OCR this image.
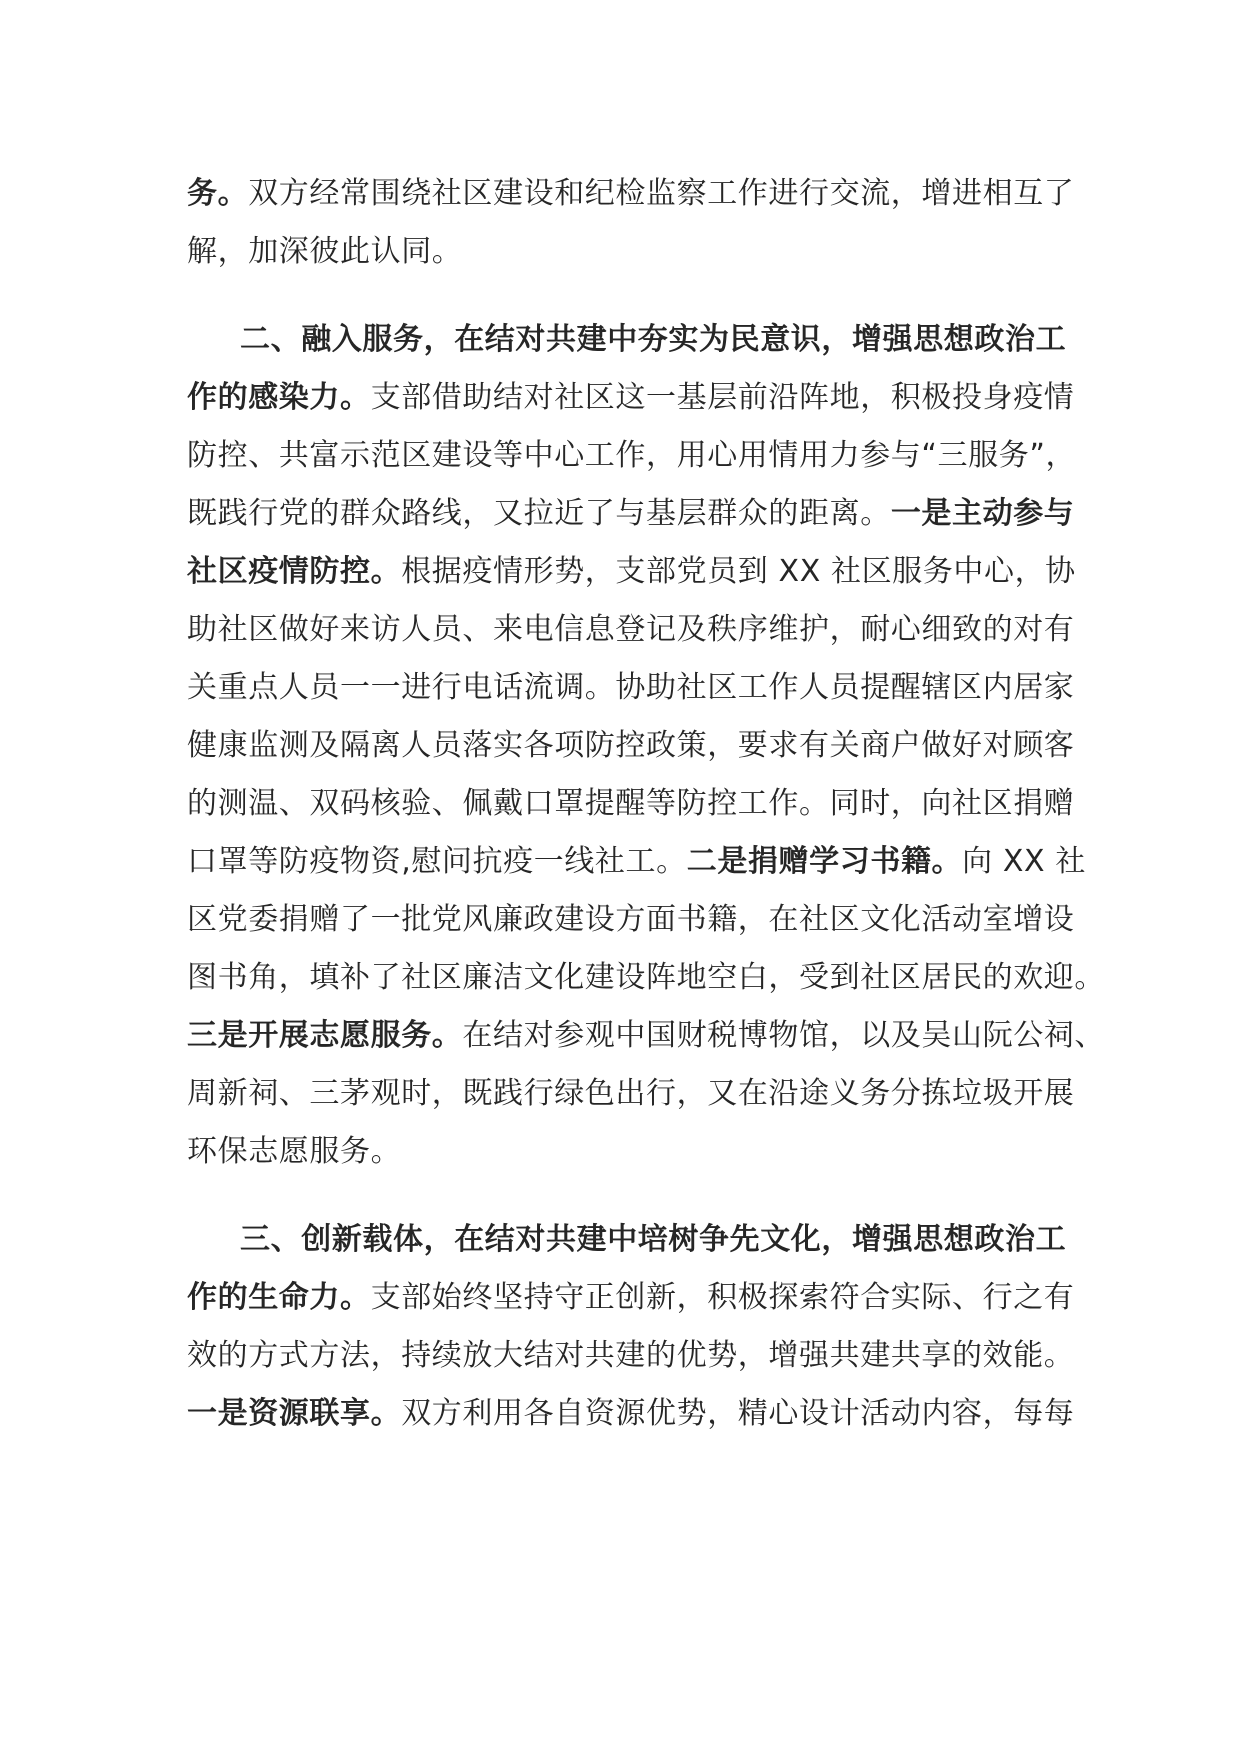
务。双方经常围绕社区建设和纪检监察工作进行交流，增进相互了
解，加深彼此认同。
二、融入服务，在结对共建中夯实为民意识，增强思想政治工
作的感染力。支部借助结对社区这一基层前沿阵地，积极投身疫情
防控、共富示范区建设等中心工作，用心用情用力参与“三服务”，
既践行党的群众路线，又拉近了与基层群众的距离。一是主动参与
社区疫情防控。根据疫情形势，支部党员到 XX 社区服务中心，协
助社区做好来访人员、来电信息登记及秩序维护，耐心细致的对有
关重点人员一一进行电话流调。协助社区工作人员提醒辖区内居家
健康监测及隔离人员落实各项防控政策，要求有关商户做好对顾客
的测温、双码核验、佩戴口罩提醒等防控工作。同时，向社区捐赠
口罩等防疫物资,慰问抗疫一线社工。二是捐赠学习书籍。向 XX 社
区党委捐赠了一批党风廉政建设方面书籍，在社区文化活动室增设
图书角，填补了社区廉洁文化建设阵地空白，受到社区居民的欢迎。
三是开展志愿服务。在结对参观中国财税博物馆，以及吴山阮公祠、
周新祠、三茅观时，既践行绿色出行，又在沿途义务分拣垃圾开展
环保志愿服务。
三、创新载体，在结对共建中培树争先文化，增强思想政治工
作的生命力。支部始终坚持守正创新，积极探索符合实际、行之有
效的方式方法，持续放大结对共建的优势，增强共建共享的效能。
一是资源联享。双方利用各自资源优势，精心设计活动内容，每每
